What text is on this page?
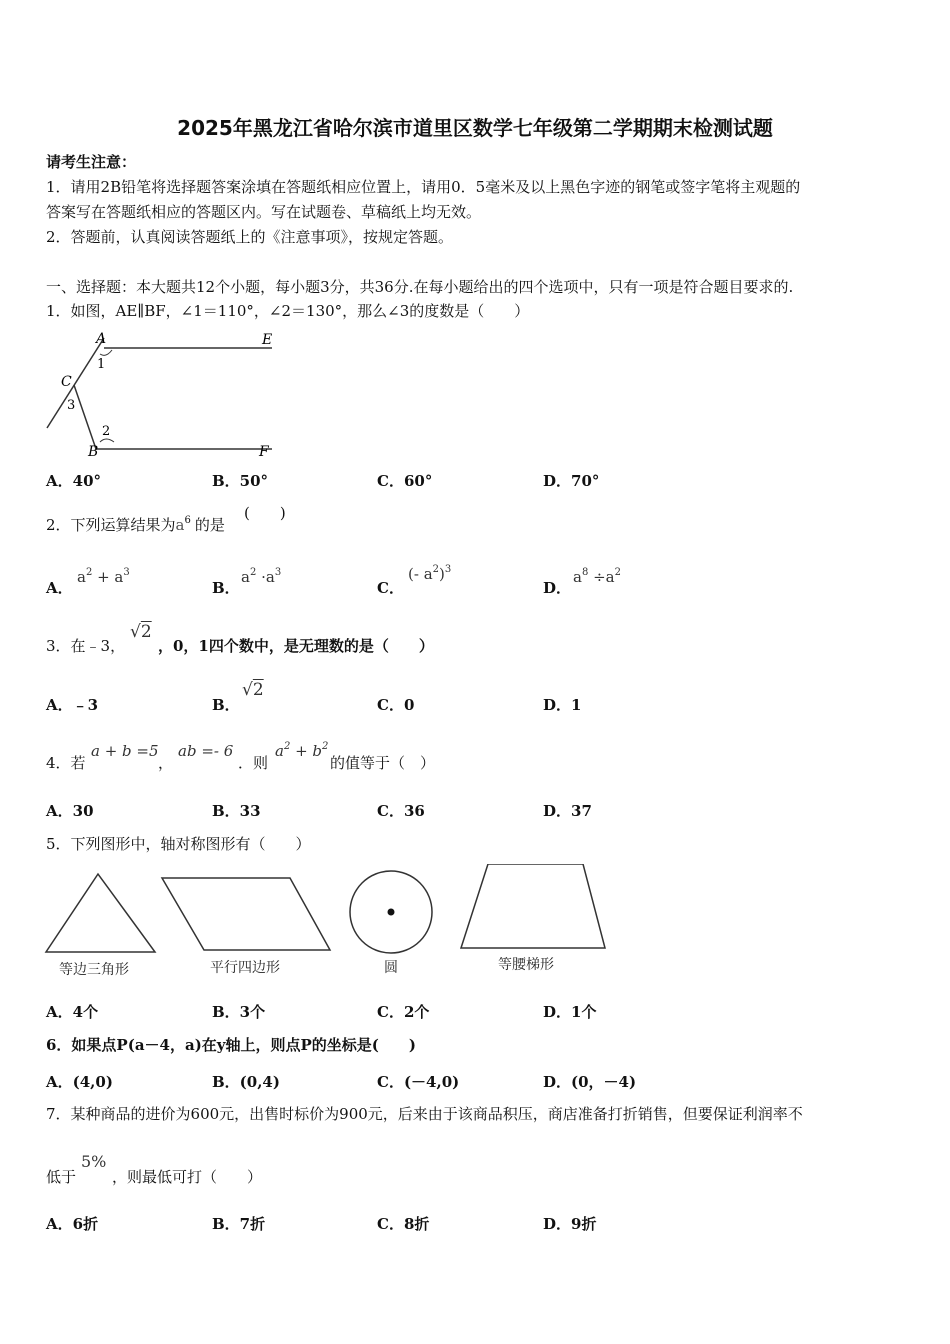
2025年黑龙江省哈尔滨市道里区数学七年级第二学期期末检测试题
请考生注意：
1．请用2B铅笔将选择题答案涂填在答题纸相应位置上，请用0．5毫米及以上黑色字迹的钢笔或签字笔将主观题的
答案写在答题纸相应的答题区内。写在试题卷、草稿纸上均无效。
2．答题前，认真阅读答题纸上的《注意事项》，按规定答题。
一、选择题：本大题共12个小题，每小题3分，共36分.在每小题给出的四个选项中，只有一项是符合题目要求的.
1．如图，AE∥BF，∠1＝110°，∠2＝130°，那么∠3的度数是（　　）
A	E
C
B	F
1
2
3
A．40°	B．50°	C．60°	D．70°
2．下列运算结果为$a^6$ 的是
(　　)
A．
$a^2 + a^3$
B．
$a^2 \cdot a^3$
C．
(- $a^2)^3$
D．
$a^8 \div a^2$
3．在﹣3，
√2
，0，1四个数中，是无理数的是（　　）
A．﹣3	B．
√2
C．0	D．1
4．若
a + b =5
，
ab =- 6
．则
$a^2 + b^2$
的值等于（　）
A．30	B．33	C．36	D．37
5．下列图形中，轴对称图形有（　　）
等边三角形	平行四边形	圆	等腰梯形
A．4个	B．3个	C．2个	D．1个
6．如果点P(a－4，a)在y轴上，则点P的坐标是(　　)
A．(4,0)	B．(0,4)	C．(－4,0)	D．(0，－4)
7．某种商品的进价为600元，出售时标价为900元，后来由于该商品积压，商店准备打折销售，但要保证利润率不
低于
5%
，则最低可打（　　）
A．6折	B．7折	C．8折	D．9折
